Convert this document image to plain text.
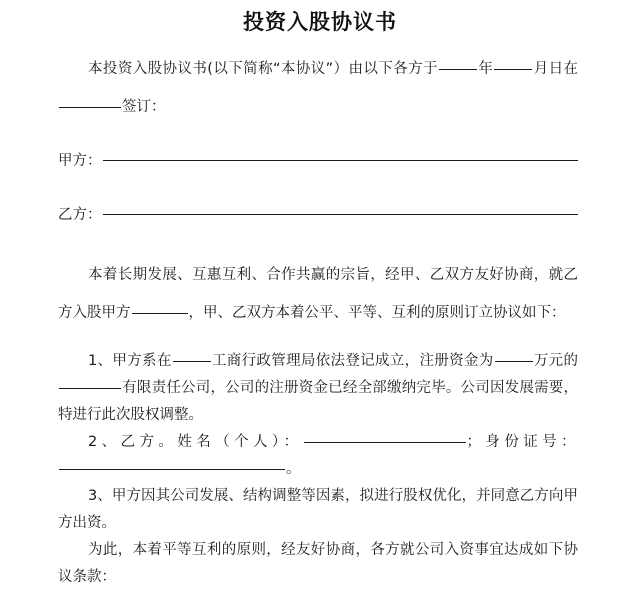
投资入股协议书

本投资入股协议书(以下简称“本协议”）由以下各方于	年	月日在签订：

甲方：
乙方：

本着长期发展、互惠互利、合作共赢的宗旨，经甲、乙双方友好协商，就乙方入股甲方	，甲、乙双方本着公平、平等、互利的原则订立协议如下：

1、甲方系在	工商行政管理局依法登记成立，注册资金为	万元的有限责任公司，公司的注册资金已经全部缴纳完毕。公司因发展需要，特进行此次股权调整。

2、乙方。姓名（个人）：	；身份证号：。

3、甲方因其公司发展、结构调整等因素，拟进行股权优化，并同意乙方向甲方出资。

为此，本着平等互利的原则，经友好协商，各方就公司入资事宜达成如下协议条款：
